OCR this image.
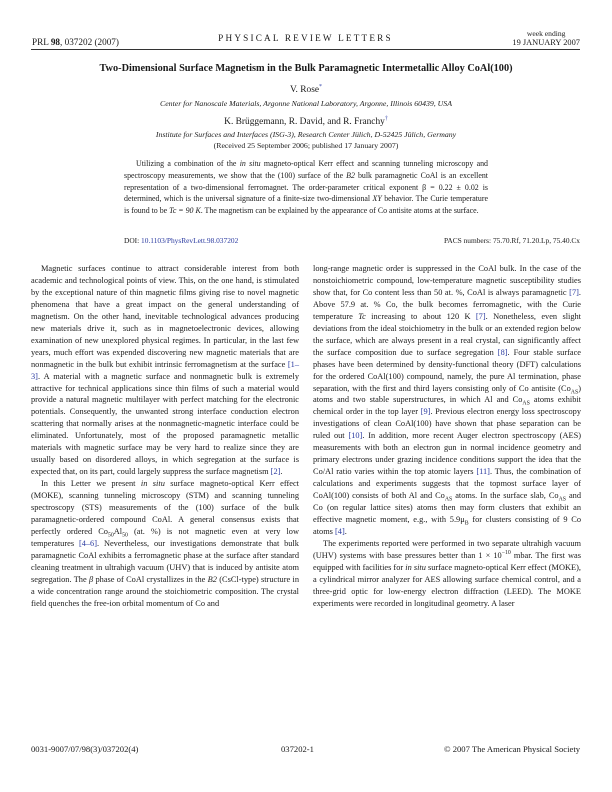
PRL 98, 037202 (2007)	PHYSICAL REVIEW LETTERS	week ending
19 JANUARY 2007
Two-Dimensional Surface Magnetism in the Bulk Paramagnetic Intermetallic Alloy CoAl(100)
V. Rose*
Center for Nanoscale Materials, Argonne National Laboratory, Argonne, Illinois 60439, USA
K. Brüggemann, R. David, and R. Franchy†
Institute for Surfaces and Interfaces (ISG-3), Research Center Jülich, D-52425 Jülich, Germany
(Received 25 September 2006; published 17 January 2007)
Utilizing a combination of the in situ magneto-optical Kerr effect and scanning tunneling microscopy and spectroscopy measurements, we show that the (100) surface of the B2 bulk paramagnetic CoAl is an excellent representation of a two-dimensional ferromagnet. The order-parameter critical exponent β = 0.22 ± 0.02 is determined, which is the universal signature of a finite-size two-dimensional XY behavior. The Curie temperature is found to be Tc = 90 K. The magnetism can be explained by the appearance of Co antisite atoms at the surface.
DOI: 10.1103/PhysRevLett.98.037202	PACS numbers: 75.70.Rf, 71.20.Lp, 75.40.Cx

Magnetic surfaces continue to attract considerable interest from both academic and technological points of view. This, on the one hand, is stimulated by the exceptional nature of thin magnetic films giving rise to novel magnetic phenomena that have a great impact on the general understanding of magnetism. On the other hand, inevitable technological advances producing new materials drive it, such as in magnetoelectronic devices, allowing examination of new unexplored physical regimes. In particular, in the last few years, much effort was expended discovering new magnetic materials that are nonmagnetic in the bulk but exhibit intrinsic ferromagnetism at the surface [1–3]. A material with a magnetic surface and nonmagnetic bulk is extremely attractive for technical applications since thin films of such a material would provide a natural magnetic multilayer with perfect matching for the electronic potentials. Consequently, the unwanted strong interface conduction electron scattering that normally arises at the nonmagnetic-magnetic interface could be eliminated. Unfortunately, most of the proposed paramagnetic metallic materials with magnetic surface may be very hard to realize since they are usually based on disordered alloys, in which segregation at the surface is expected that, on its part, could largely suppress the surface magnetism [2].

In this Letter we present in situ surface magneto-optical Kerr effect (MOKE), scanning tunneling microscopy (STM) and scanning tunneling spectroscopy (STS) measurements of the (100) surface of the bulk paramagnetic-ordered compound CoAl. A general consensus exists that perfectly ordered $Co_{50}Al_{50}$ (at. %) is not magnetic even at very low temperatures [4–6]. Nevertheless, our investigations demonstrate that bulk paramagnetic CoAl exhibits a ferromagnetic phase at the surface after standard cleaning treatment in ultrahigh vacuum (UHV) that is induced by antisite atom segregation. The β phase of CoAl crystallizes in the B2 (CsCl-type) structure in a wide concentration range around the stoichiometric composition. The crystal field quenches the free-ion orbital momentum of Co and

long-range magnetic order is suppressed in the CoAl bulk. In the case of the nonstoichiometric compound, low-temperature magnetic susceptibility studies show that, for Co content less than 50 at. %, CoAl is always paramagnetic [7]. Above 57.9 at. % Co, the bulk becomes ferromagnetic, with the Curie temperature Tc increasing to about 120 K [7]. Nonetheless, even slight deviations from the ideal stoichiometry in the bulk or an extended region below the surface, which are always present in a real crystal, can significantly affect the surface composition due to surface segregation [8]. Four stable surface phases have been determined by density-functional theory (DFT) calculations for the ordered CoAl(100) compound, namely, the pure Al termination, phase separation, with the first and third layers consisting only of Co antisite $(Co_{AS})$ atoms and two stable superstructures, in which Al and $Co_{AS}$ atoms exhibit chemical order in the top layer [9]. Previous electron energy loss spectroscopy investigations of clean CoAl(100) have shown that phase separation can be ruled out [10]. In addition, more recent Auger electron spectroscopy (AES) measurements with both an electron gun in normal incidence geometry and primary electrons under grazing incidence conditions support the idea that the Co/Al ratio varies within the top atomic layers [11]. Thus, the combination of calculations and experiments suggests that the topmost surface layer of CoAl(100) consists of both Al and $Co_{AS}$ atoms. In the surface slab, $Co_{AS}$ and Co (on regular lattice sites) atoms then may form clusters that exhibit an effective magnetic moment, e.g., with $5.9\mu_B$ for clusters consisting of 9 Co atoms [4].

The experiments reported were performed in two separate ultrahigh vacuum (UHV) systems with base pressures better than $1 \times 10^{-10}$ mbar. The first was equipped with facilities for in situ surface magneto-optical Kerr effect (MOKE), a cylindrical mirror analyzer for AES allowing surface chemical control, and a three-grid optic for low-energy electron diffraction (LEED). The MOKE experiments were recorded in longitudinal geometry. A laser

0031-9007/07/98(3)/037202(4)	037202-1	© 2007 The American Physical Society
